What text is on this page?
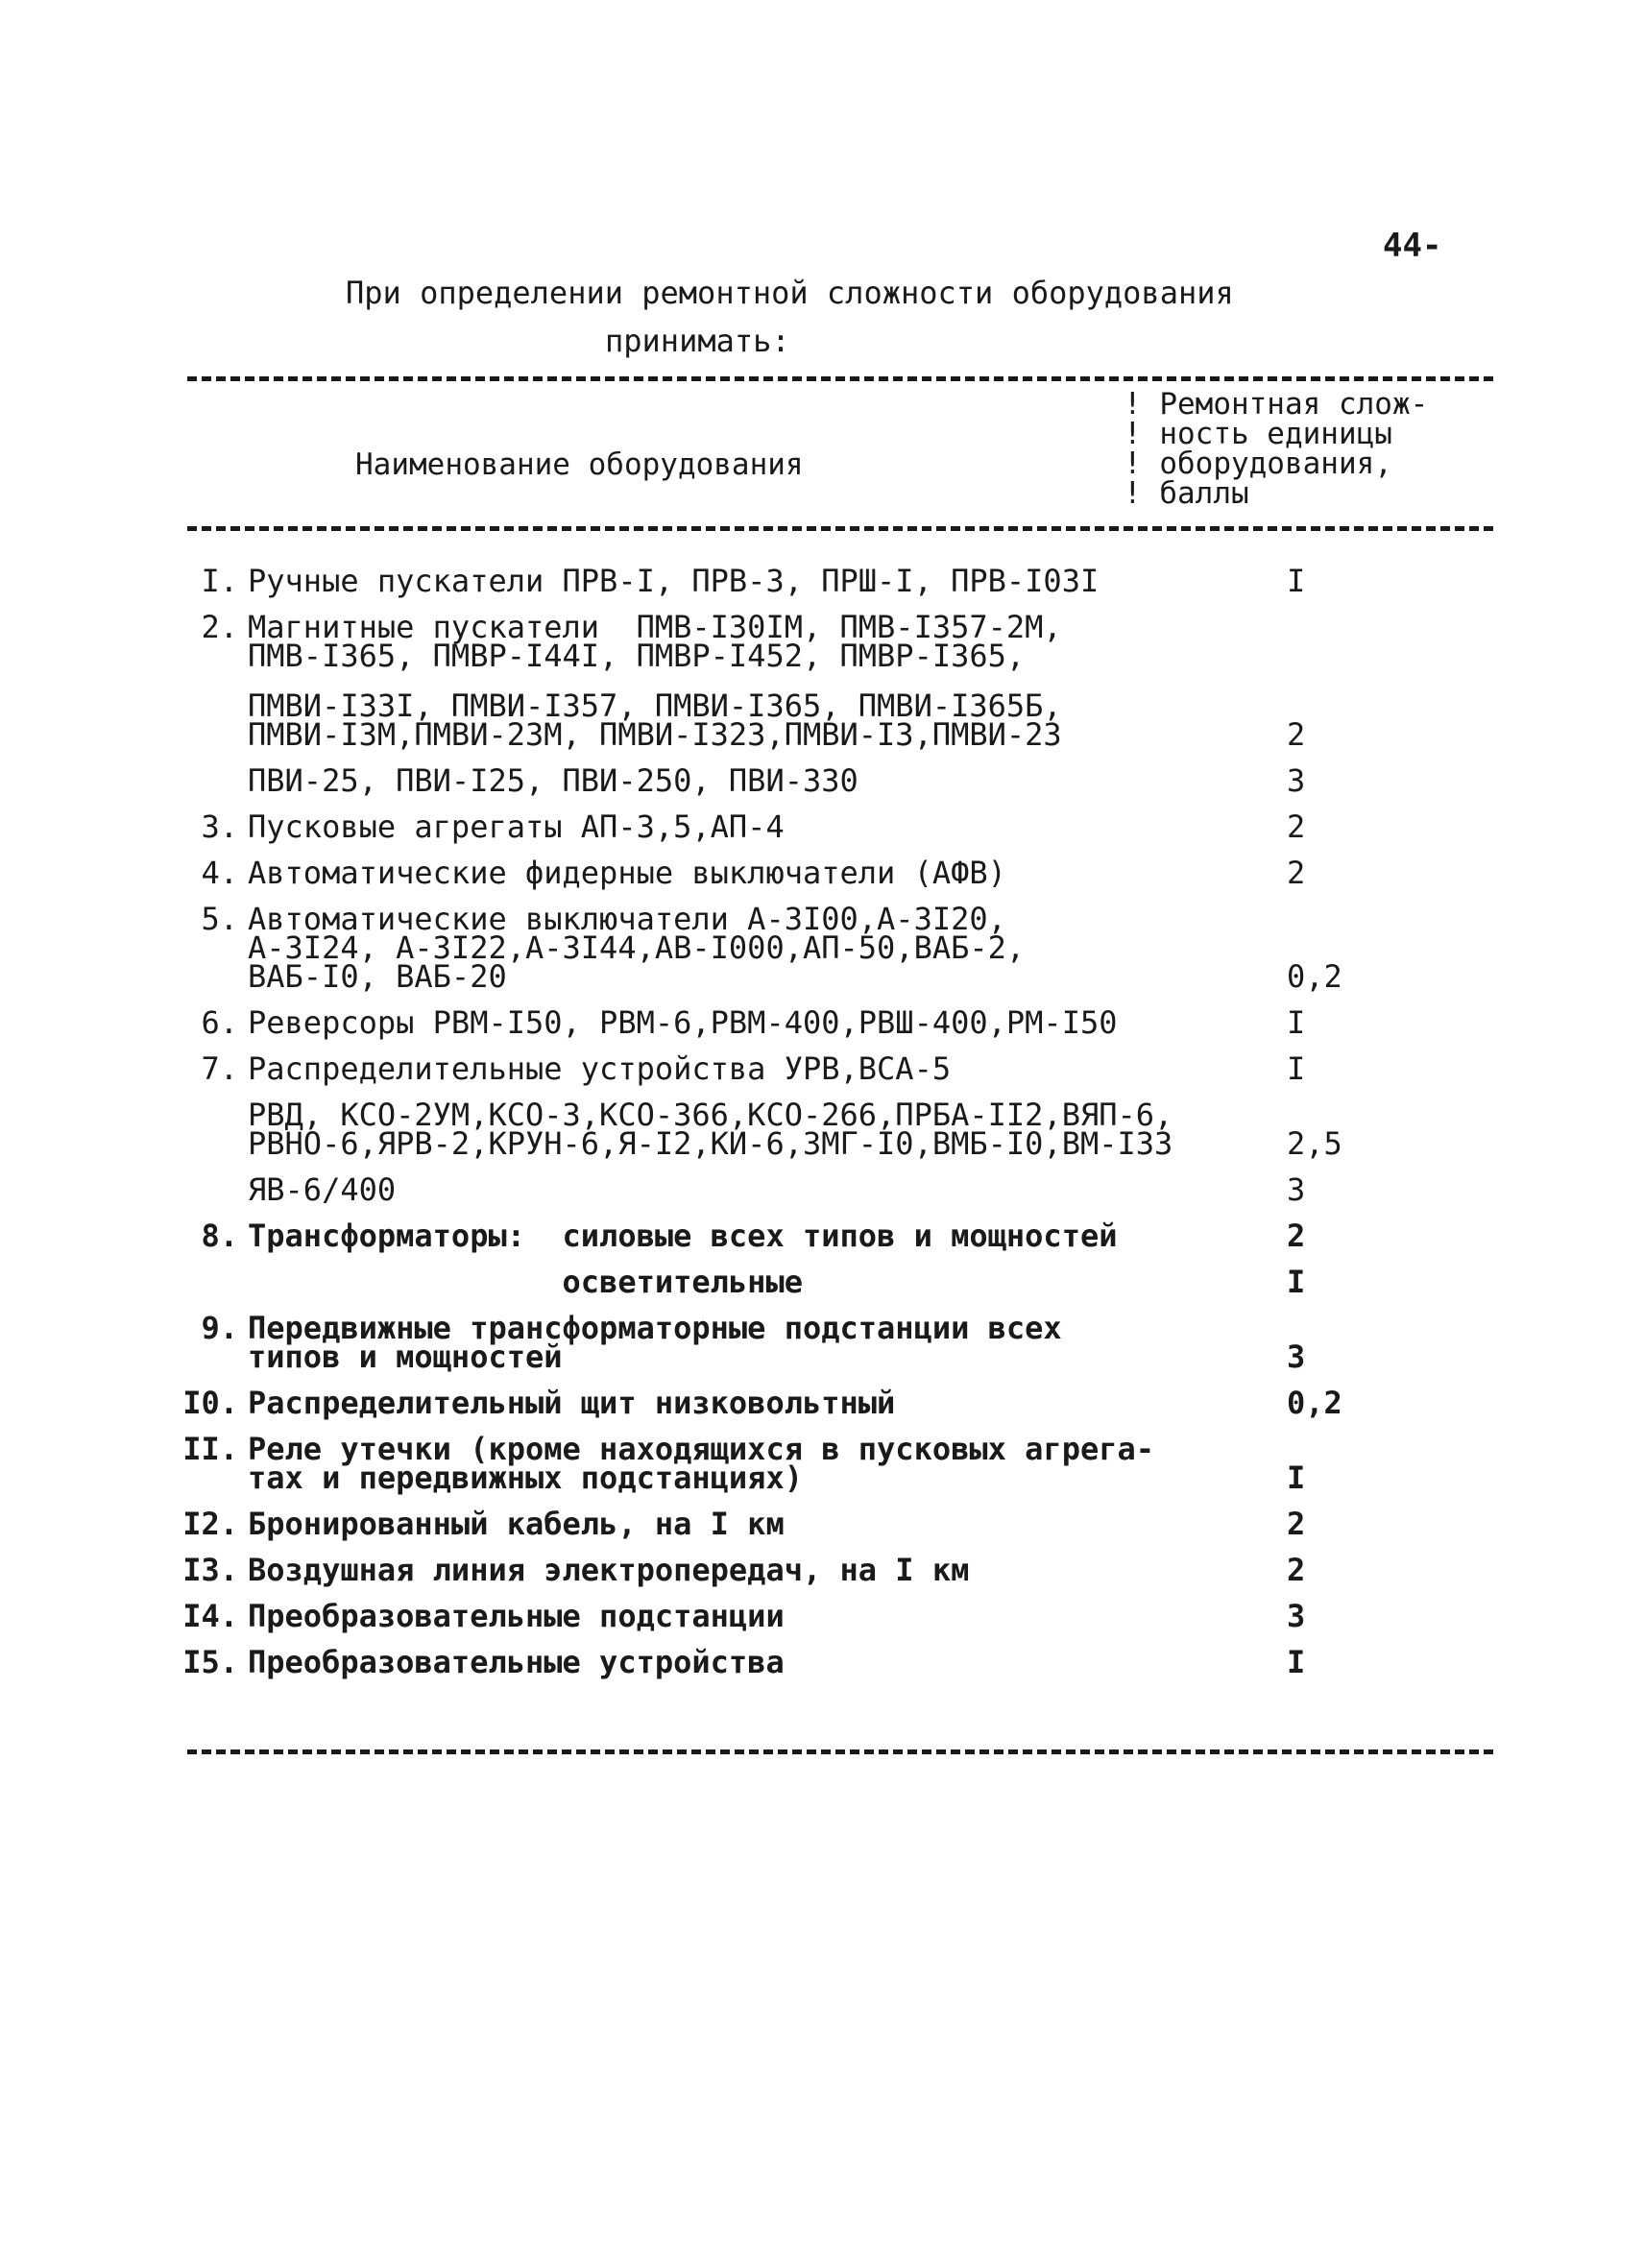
44-
При определении ремонтной сложности оборудования
принимать:
Наименование оборудования
! Ремонтная слож-
! ность единицы
! оборудования,
! баллы
I. Ручные пускатели ПРВ-I, ПРВ-3, ПРШ-I, ПРВ-I03I	I
2. Магнитные пускатели  ПМВ-I30IМ, ПМВ-I357-2М,
ПМВ-I365, ПМВР-I44I, ПМВР-I452, ПМВР-I365,
ПМВИ-I33I, ПМВИ-I357, ПМВИ-I365, ПМВИ-I365Б,
ПМВИ-I3М,ПМВИ-23М, ПМВИ-I323,ПМВИ-I3,ПМВИ-23	2
ПВИ-25, ПВИ-I25, ПВИ-250, ПВИ-330	3
3. Пусковые агрегаты АП-3,5,АП-4	2
4. Автоматические фидерные выключатели (АФВ)	2
5. Автоматические выключатели А-3I00,А-3I20,
А-3I24, А-3I22,А-3I44,АВ-I000,АП-50,ВАБ-2,
ВАБ-I0, ВАБ-20	0,2
6. Реверсоры РВМ-I50, РВМ-6,РВМ-400,РВШ-400,РМ-I50	I
7. Распределительные устройства УРВ,ВСА-5	I
РВД, КСО-2УМ,КСО-3,КСО-366,КСО-266,ПРБА-II2,ВЯП-6,
РВНО-6,ЯРВ-2,КРУН-6,Я-I2,КИ-6,ЗМГ-I0,ВМБ-I0,ВМ-I33	2,5
ЯВ-6/400	3
8. Трансформаторы:  силовые всех типов и мощностей	2
осветительные	I
9. Передвижные трансформаторные подстанции всех
типов и мощностей	3
I0. Распределительный щит низковольтный	0,2
II. Реле утечки (кроме находящихся в пусковых агрега-
тах и передвижных подстанциях)	I
I2. Бронированный кабель, на I км	2
I3. Воздушная линия электропередач, на I км	2
I4. Преобразовательные подстанции	3
I5. Преобразовательные устройства	I
